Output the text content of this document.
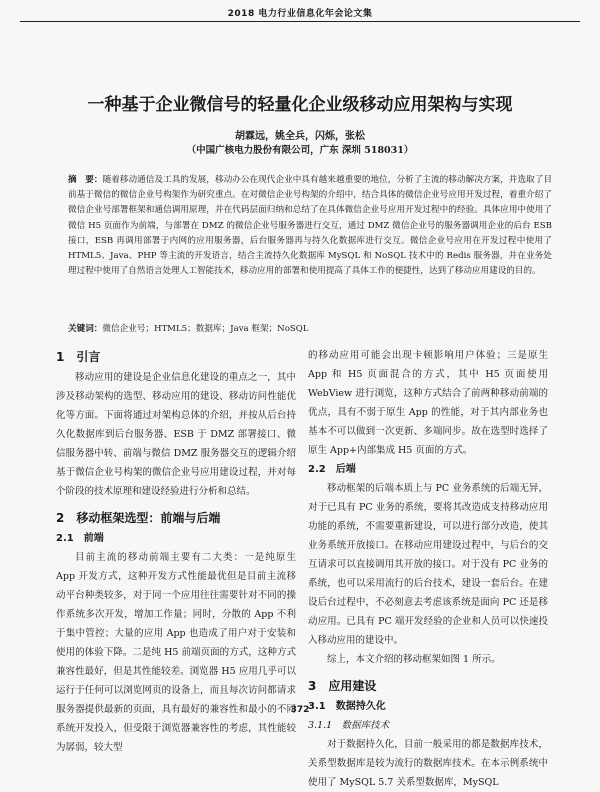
2018 电力行业信息化年会论文集
一种基于企业微信号的轻量化企业级移动应用架构与实现
胡霖远，姚全兵，闪烁，张松
（中国广核电力股份有限公司，广东 深圳 518031）
摘　要：随着移动通信及工具的发展，移动办公在现代企业中具有越来越重要的地位，分析了主流的移动解决方案，并选取了目前基于微信的微信企业号构架作为研究重点。在对微信企业号构架的介绍中，结合具体的微信企业号应用开发过程，着重介绍了微信企业号部署框架和通信调用原理，并在代码层面归纳和总结了在具体微信企业号应用开发过程中的经验。具体应用中使用了微信 H5 页面作为前端，与部署在 DMZ 的微信企业号服务器进行交互，通过 DMZ 微信企业号的服务器调用企业的后台 ESB 接口，ESB 再调用部署于内网的应用服务器，后台服务器再与持久化数据库进行交互。微信企业号应用在开发过程中使用了 HTML5、Java、PHP 等主流的开发语言，结合主流持久化数据库 MySQL 和 NoSQL 技术中的 Redis 服务器，并在业务处理过程中使用了自然语言处理人工智能技术，移动应用的部署和使用提高了具体工作的便捷性，达到了移动应用建设的目的。
关键词：微信企业号；HTML5；数据库；Java 框架；NoSQL
1　引言

移动应用的建设是企业信息化建设的重点之一，其中涉及移动架构的选型、移动应用的建设、移动访问性能优化等方面。下面将通过对架构总体的介绍，并按从后台持久化数据库到后台服务器、ESB 于 DMZ 部署接口、微信服务器中转、前端与微信 DMZ 服务器交互的逻辑介绍基于微信企业号构架的微信企业号应用建设过程，并对每个阶段的技术原理和建设经验进行分析和总结。

2　移动框架选型：前端与后端
2.1　前端

目前主流的移动前端主要有二大类：一是纯原生 App 开发方式，这种开发方式性能最优但是目前主流移动平台种类较多，对于同一个应用往往需要针对不同的操作系统多次开发，增加工作量；同时，分散的 App 不利于集中管控；大量的应用 App 也造成了用户对于安装和使用的体验下降。二是纯 H5 前端页面的方式，这种方式兼容性最好，但是其性能较差。浏览器 H5 应用几乎可以运行于任何可以浏览网页的设备上，而且每次访问都请求服务器提供最新的页面，具有最好的兼容性和最小的不同系统开发投入，但受限于浏览器兼容性的考虑，其性能较为孱弱，较大型

的移动应用可能会出现卡顿影响用户体验；三是原生 App 和 H5 页面混合的方式，其中 H5 页面使用 WebView 进行浏览，这种方式结合了前两种移动前端的优点，具有不弱于原生 App 的性能，对于其内部业务也基本不可以做到一次更新、多端同步。故在选型时选择了原生 App+内部集成 H5 页面的方式。

2.2　后端

移动框架的后端本质上与 PC 业务系统的后端无异，对于已具有 PC 业务的系统，要将其改造成支持移动应用功能的系统，不需要重新建设，可以进行部分改造，使其业务系统开放接口。在移动应用建设过程中，与后台的交互请求可以直接调用其开放的接口。对于没有 PC 业务的系统，也可以采用流行的后台技术，建设一套后台。在建设后台过程中，不必刻意去考虑该系统是面向 PC 还是移动应用。已具有 PC 端开发经验的企业和人员可以快速投入移动应用的建设中。

综上，本文介绍的移动框架如图 1 所示。

3　应用建设
3.1　数据持久化
3.1.1　数据库技术

对于数据持久化，目前一般采用的都是数据库技术，关系型数据库是较为流行的数据库技术。在本示例系统中使用了 MySQL 5.7 关系型数据库，MySQL

372
